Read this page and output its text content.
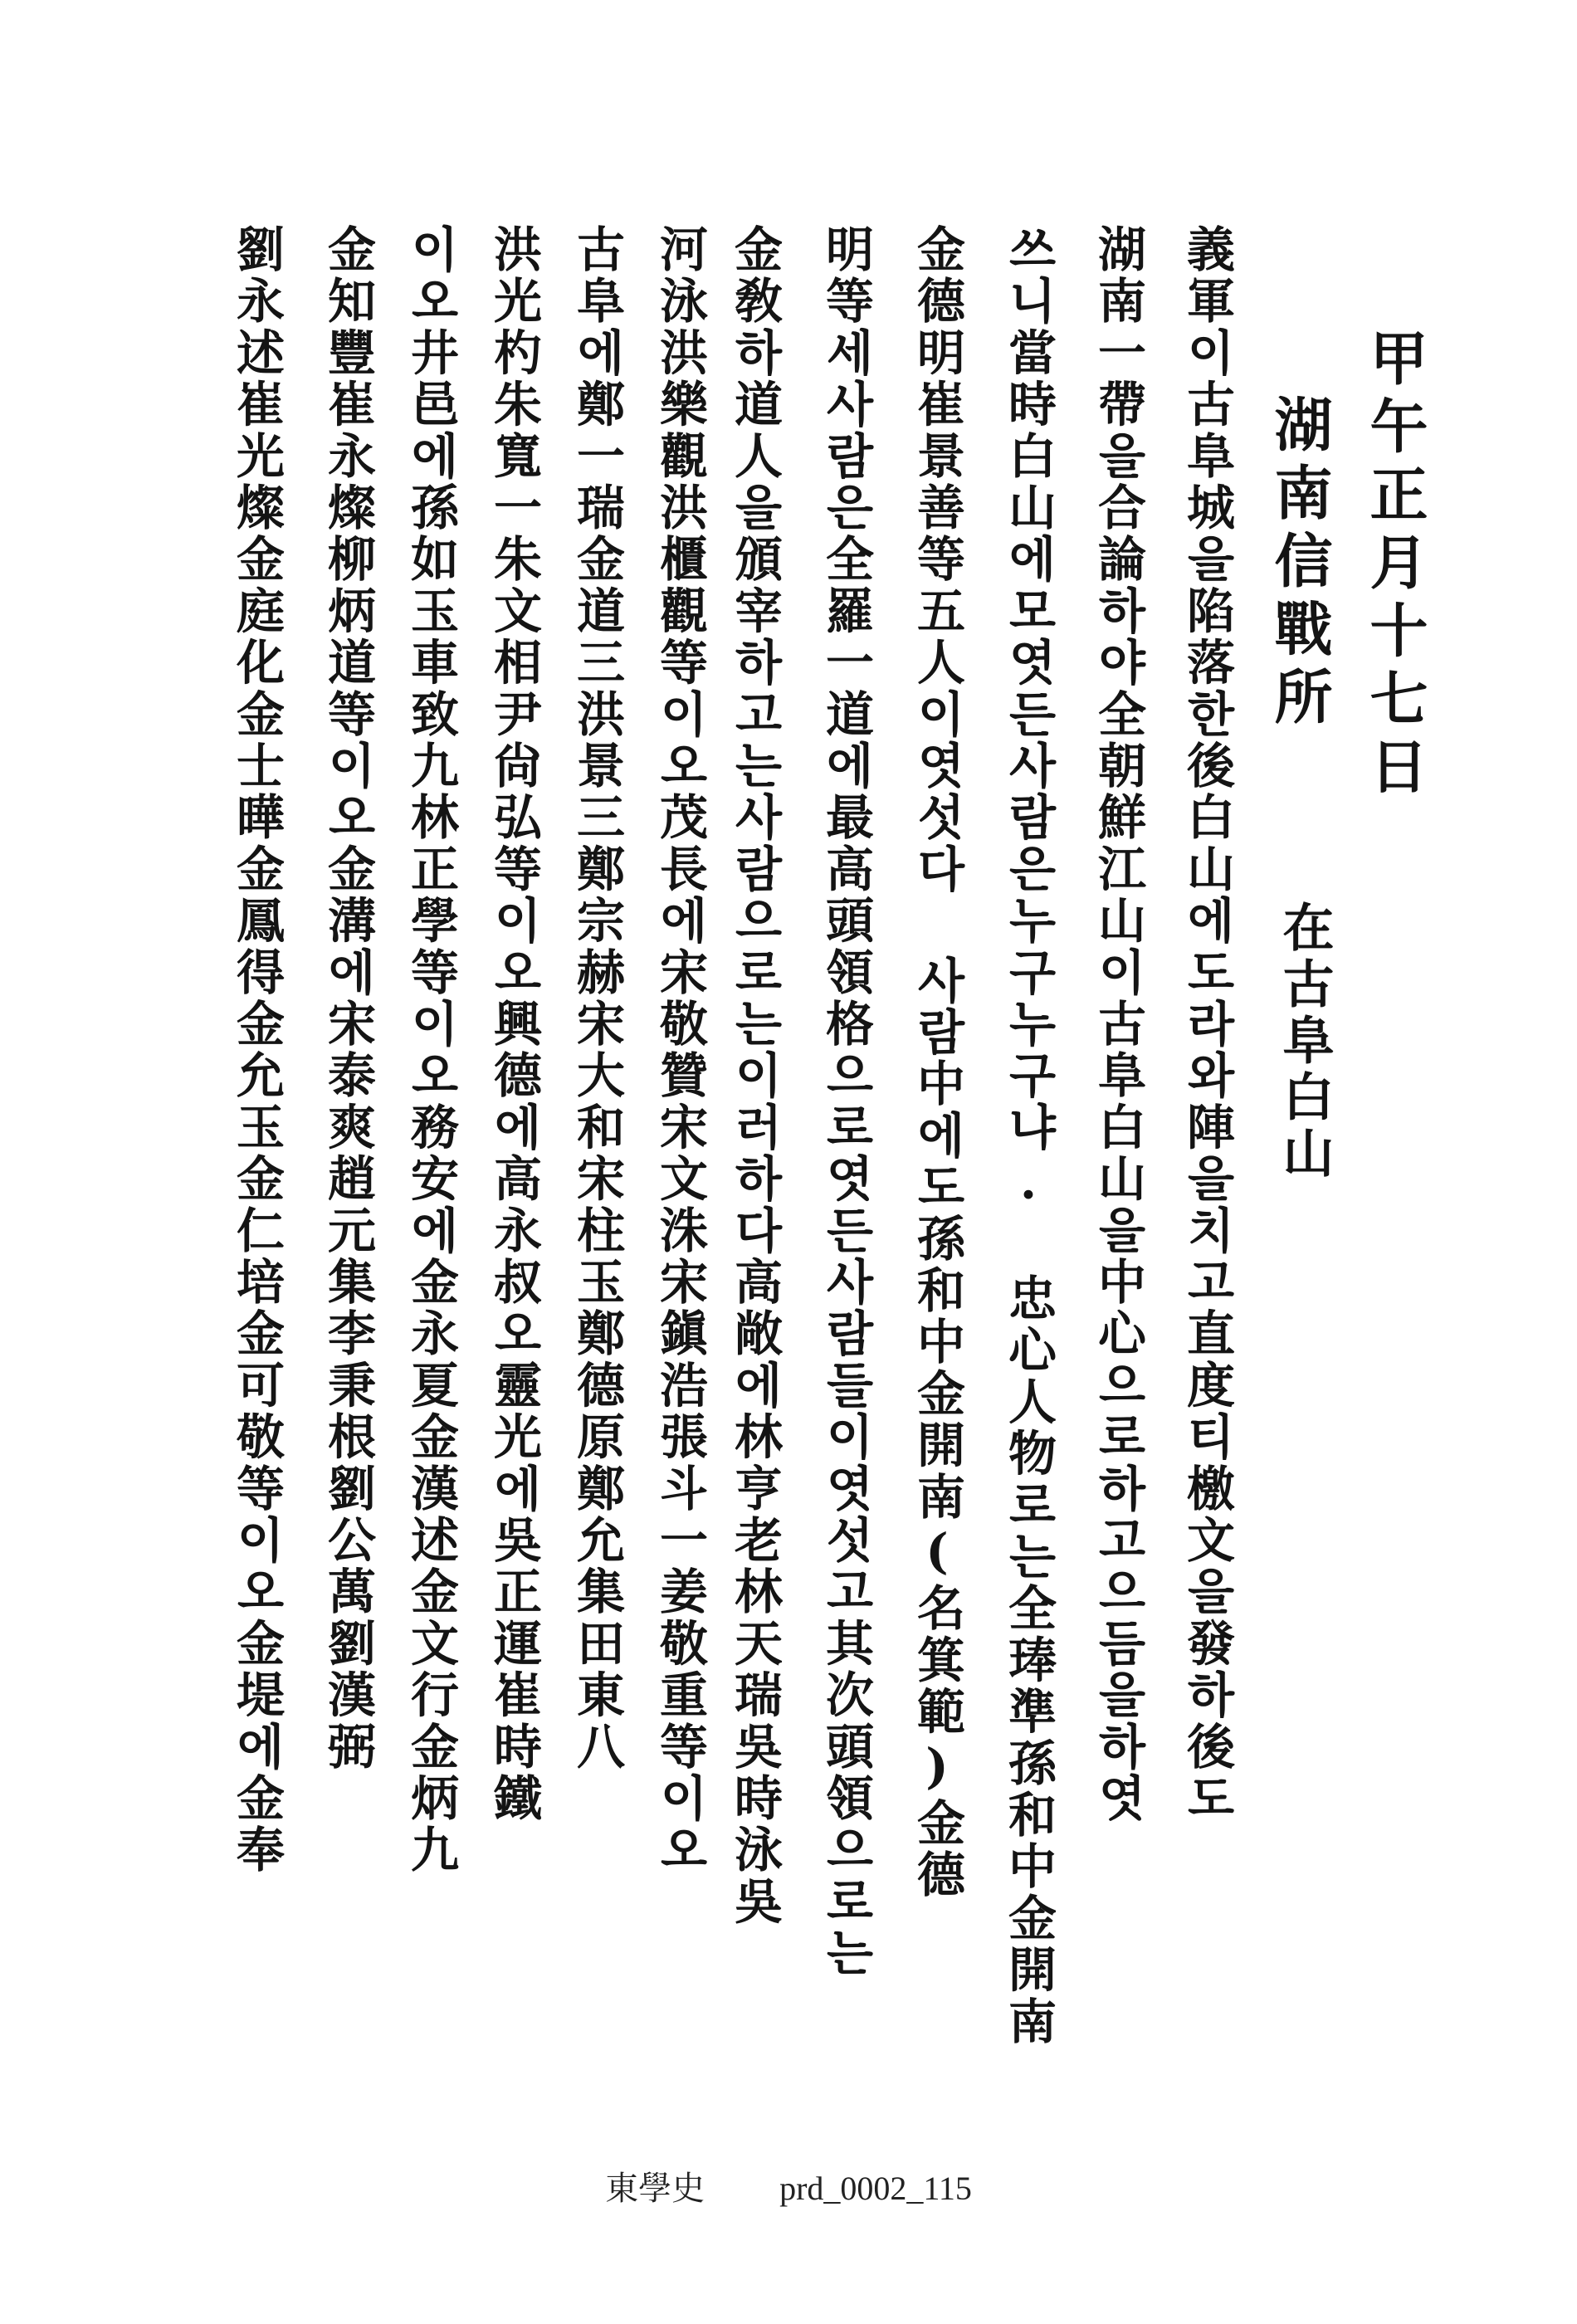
甲午正月十七日
湖南信戰所
在古阜白山
義軍이古阜城을陷落한後白山에도라와陣을치고直度티檄文을發하後도
湖南一帶을合論하야全朝鮮江山이古阜白山을中心으로하고으듬을하엿
쓰니當時白山에모엿든사람은누구누구냐. 忠心人物로는全琫準孫和中金開南
金德明崔景善等五人이엿섯다 사람中에도孫和中金開南(名箕範)金德
明等세사람은全羅一道에最高頭領格으로엿든사람들이엿섯고其次頭領으로는
金敎하道人을頒宰하고는사람으로는이러하다高敞에林亨老林天瑞吳時泳吳
河泳洪樂觀洪櫃觀等이오茂長에宋敬贊宋文洙宋鎭浩張斗一姜敬重等이오
古阜에鄭一瑞金道三洪景三鄭宗赫宋大和宋柱玉鄭德原鄭允集田東八
洪光杓朱寬一朱文相尹尙弘等이오興德에高永叔오靈光에吳正運崔時鐵
이오井邑에孫如玉車致九林正學等이오務安에金永夏金漢述金文行金炳九
金知豐崔永燦柳炳道等이오金溝에宋泰爽趙元集李秉根劉公萬劉漢弼
劉永述崔光燦金庭化金士曄金鳳得金允玉金仁培金可敬等이오金堤에金奉
東學史 prd_0002_115
